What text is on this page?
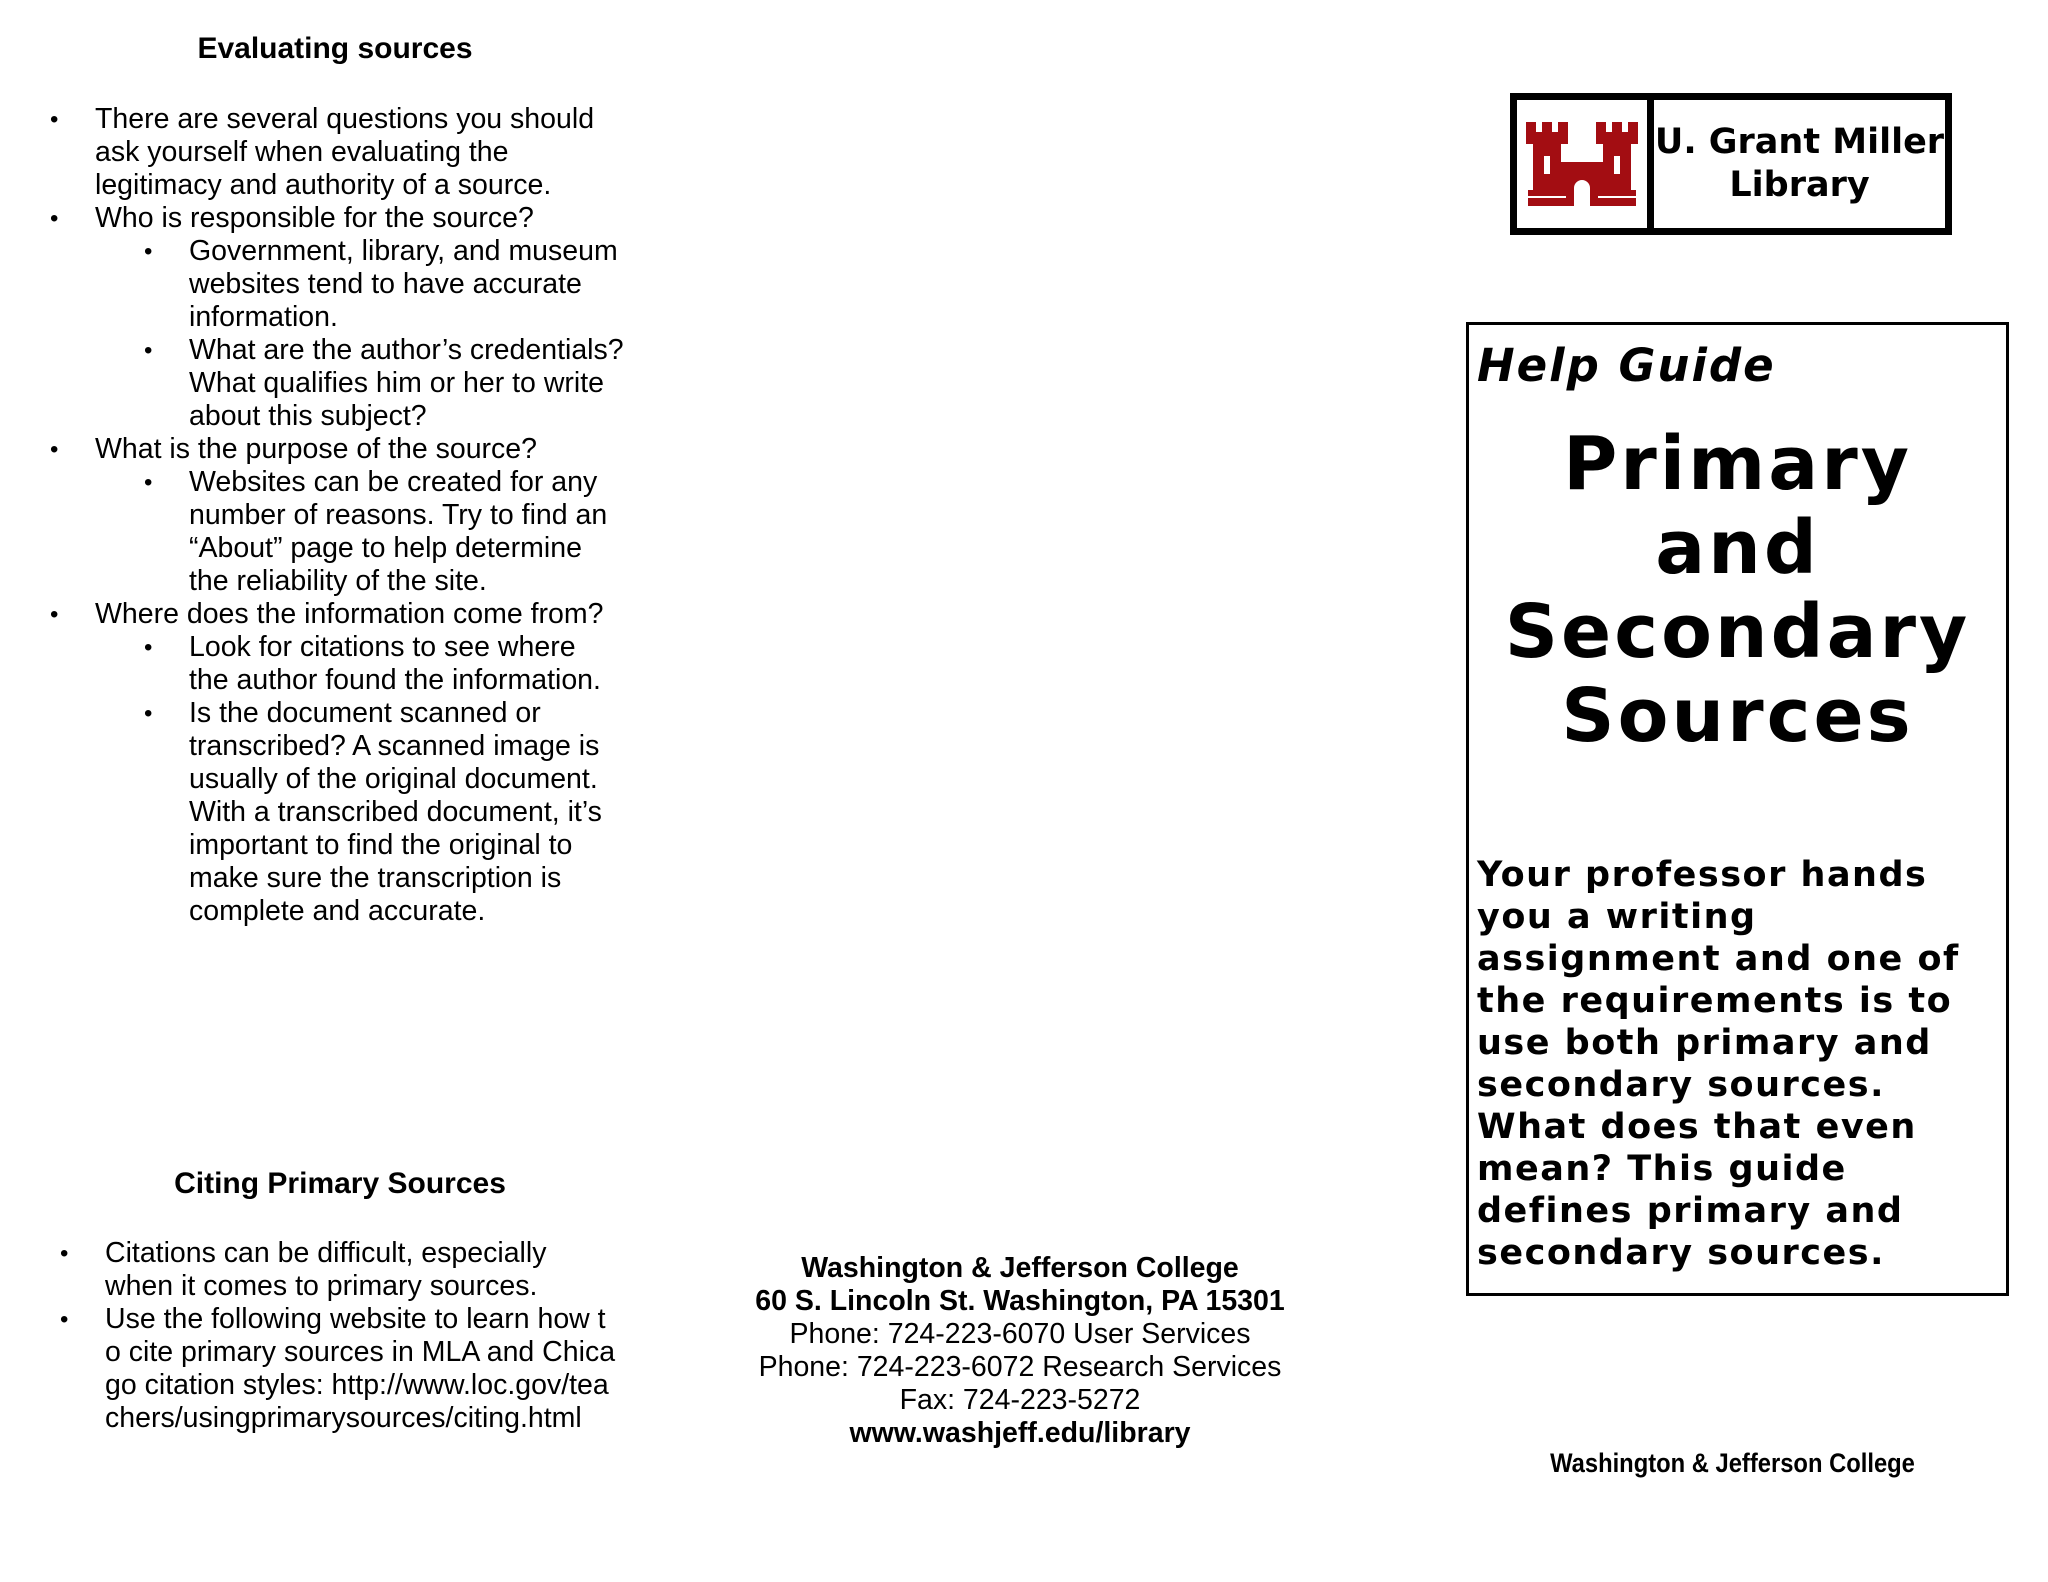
Evaluating sources
• There are several questions you should ask yourself when evaluating the legitimacy and authority of a source.
• Who is responsible for the source?
• Government, library, and museum websites tend to have accurate information.
• What are the author’s credentials? What qualifies him or her to write about this subject?
• What is the purpose of the source?
• Websites can be created for any number of reasons. Try to find an “About” page to help determine the reliability of the site.
• Where does the information come from?
• Look for citations to see where the author found the information.
• Is the document scanned or transcribed? A scanned image is usually of the original document. With a transcribed document, it’s important to find the original to make sure the transcription is complete and accurate.
Citing Primary Sources
• Citations can be difficult, especially when it comes to primary sources.
• Use the following website to learn how to cite primary sources in MLA and Chicago citation styles: http://www.loc.gov/teachers/usingprimarysources/citing.html
Washington & Jefferson College
60 S. Lincoln St. Washington, PA 15301
Phone: 724-223-6070 User Services
Phone: 724-223-6072 Research Services
Fax: 724-223-5272
www.washjeff.edu/library
U. Grant Miller
Library
Help Guide
Primary and
Secondary
Sources
Your professor hands you a writing assignment and one of the requirements is to use both primary and secondary sources. What does that even mean? This guide defines primary and secondary sources.
Washington & Jefferson College
